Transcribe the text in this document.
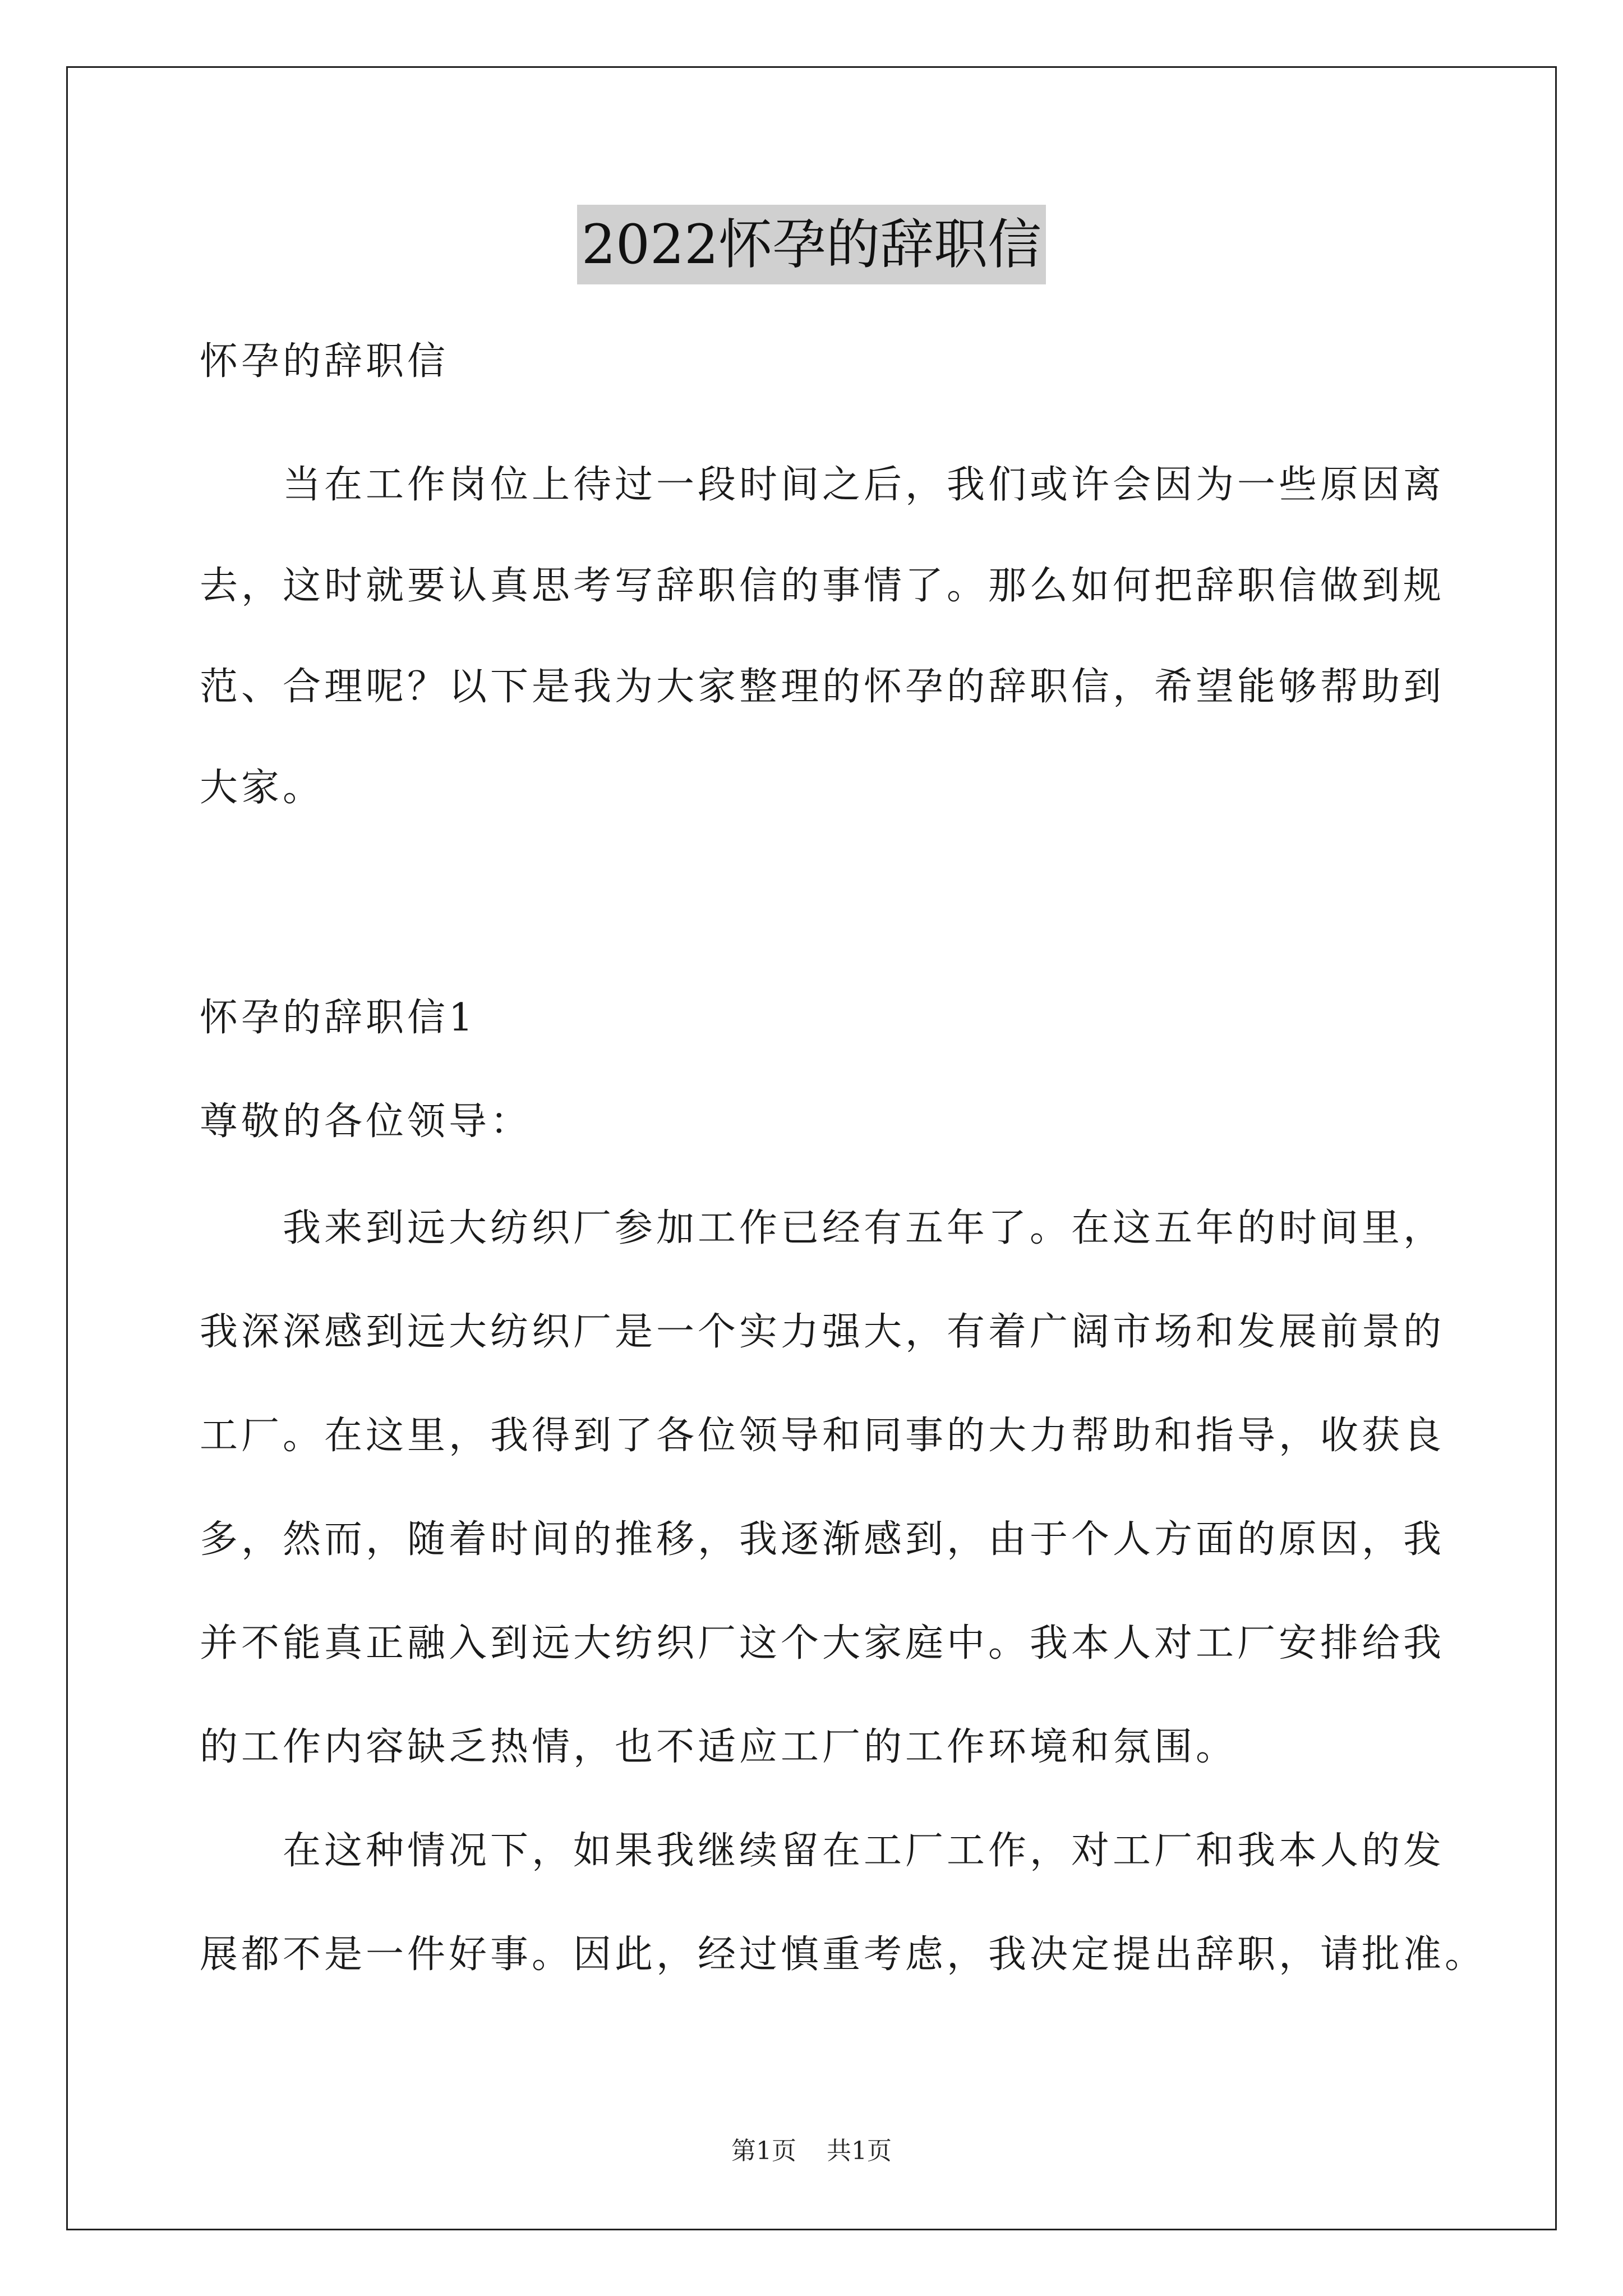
2022怀孕的辞职信
怀孕的辞职信
当在工作岗位上待过一段时间之后，我们或许会因为一些原因离
去，这时就要认真思考写辞职信的事情了。那么如何把辞职信做到规
范、合理呢？以下是我为大家整理的怀孕的辞职信，希望能够帮助到
大家。
怀孕的辞职信1
尊敬的各位领导：
我来到远大纺织厂参加工作已经有五年了。在这五年的时间里，
我深深感到远大纺织厂是一个实力强大，有着广阔市场和发展前景的
工厂。在这里，我得到了各位领导和同事的大力帮助和指导，收获良
多，然而，随着时间的推移，我逐渐感到，由于个人方面的原因，我
并不能真正融入到远大纺织厂这个大家庭中。我本人对工厂安排给我
的工作内容缺乏热情，也不适应工厂的工作环境和氛围。
在这种情况下，如果我继续留在工厂工作，对工厂和我本人的发
展都不是一件好事。因此，经过慎重考虑，我决定提出辞职，请批准。
第1页 共1页
